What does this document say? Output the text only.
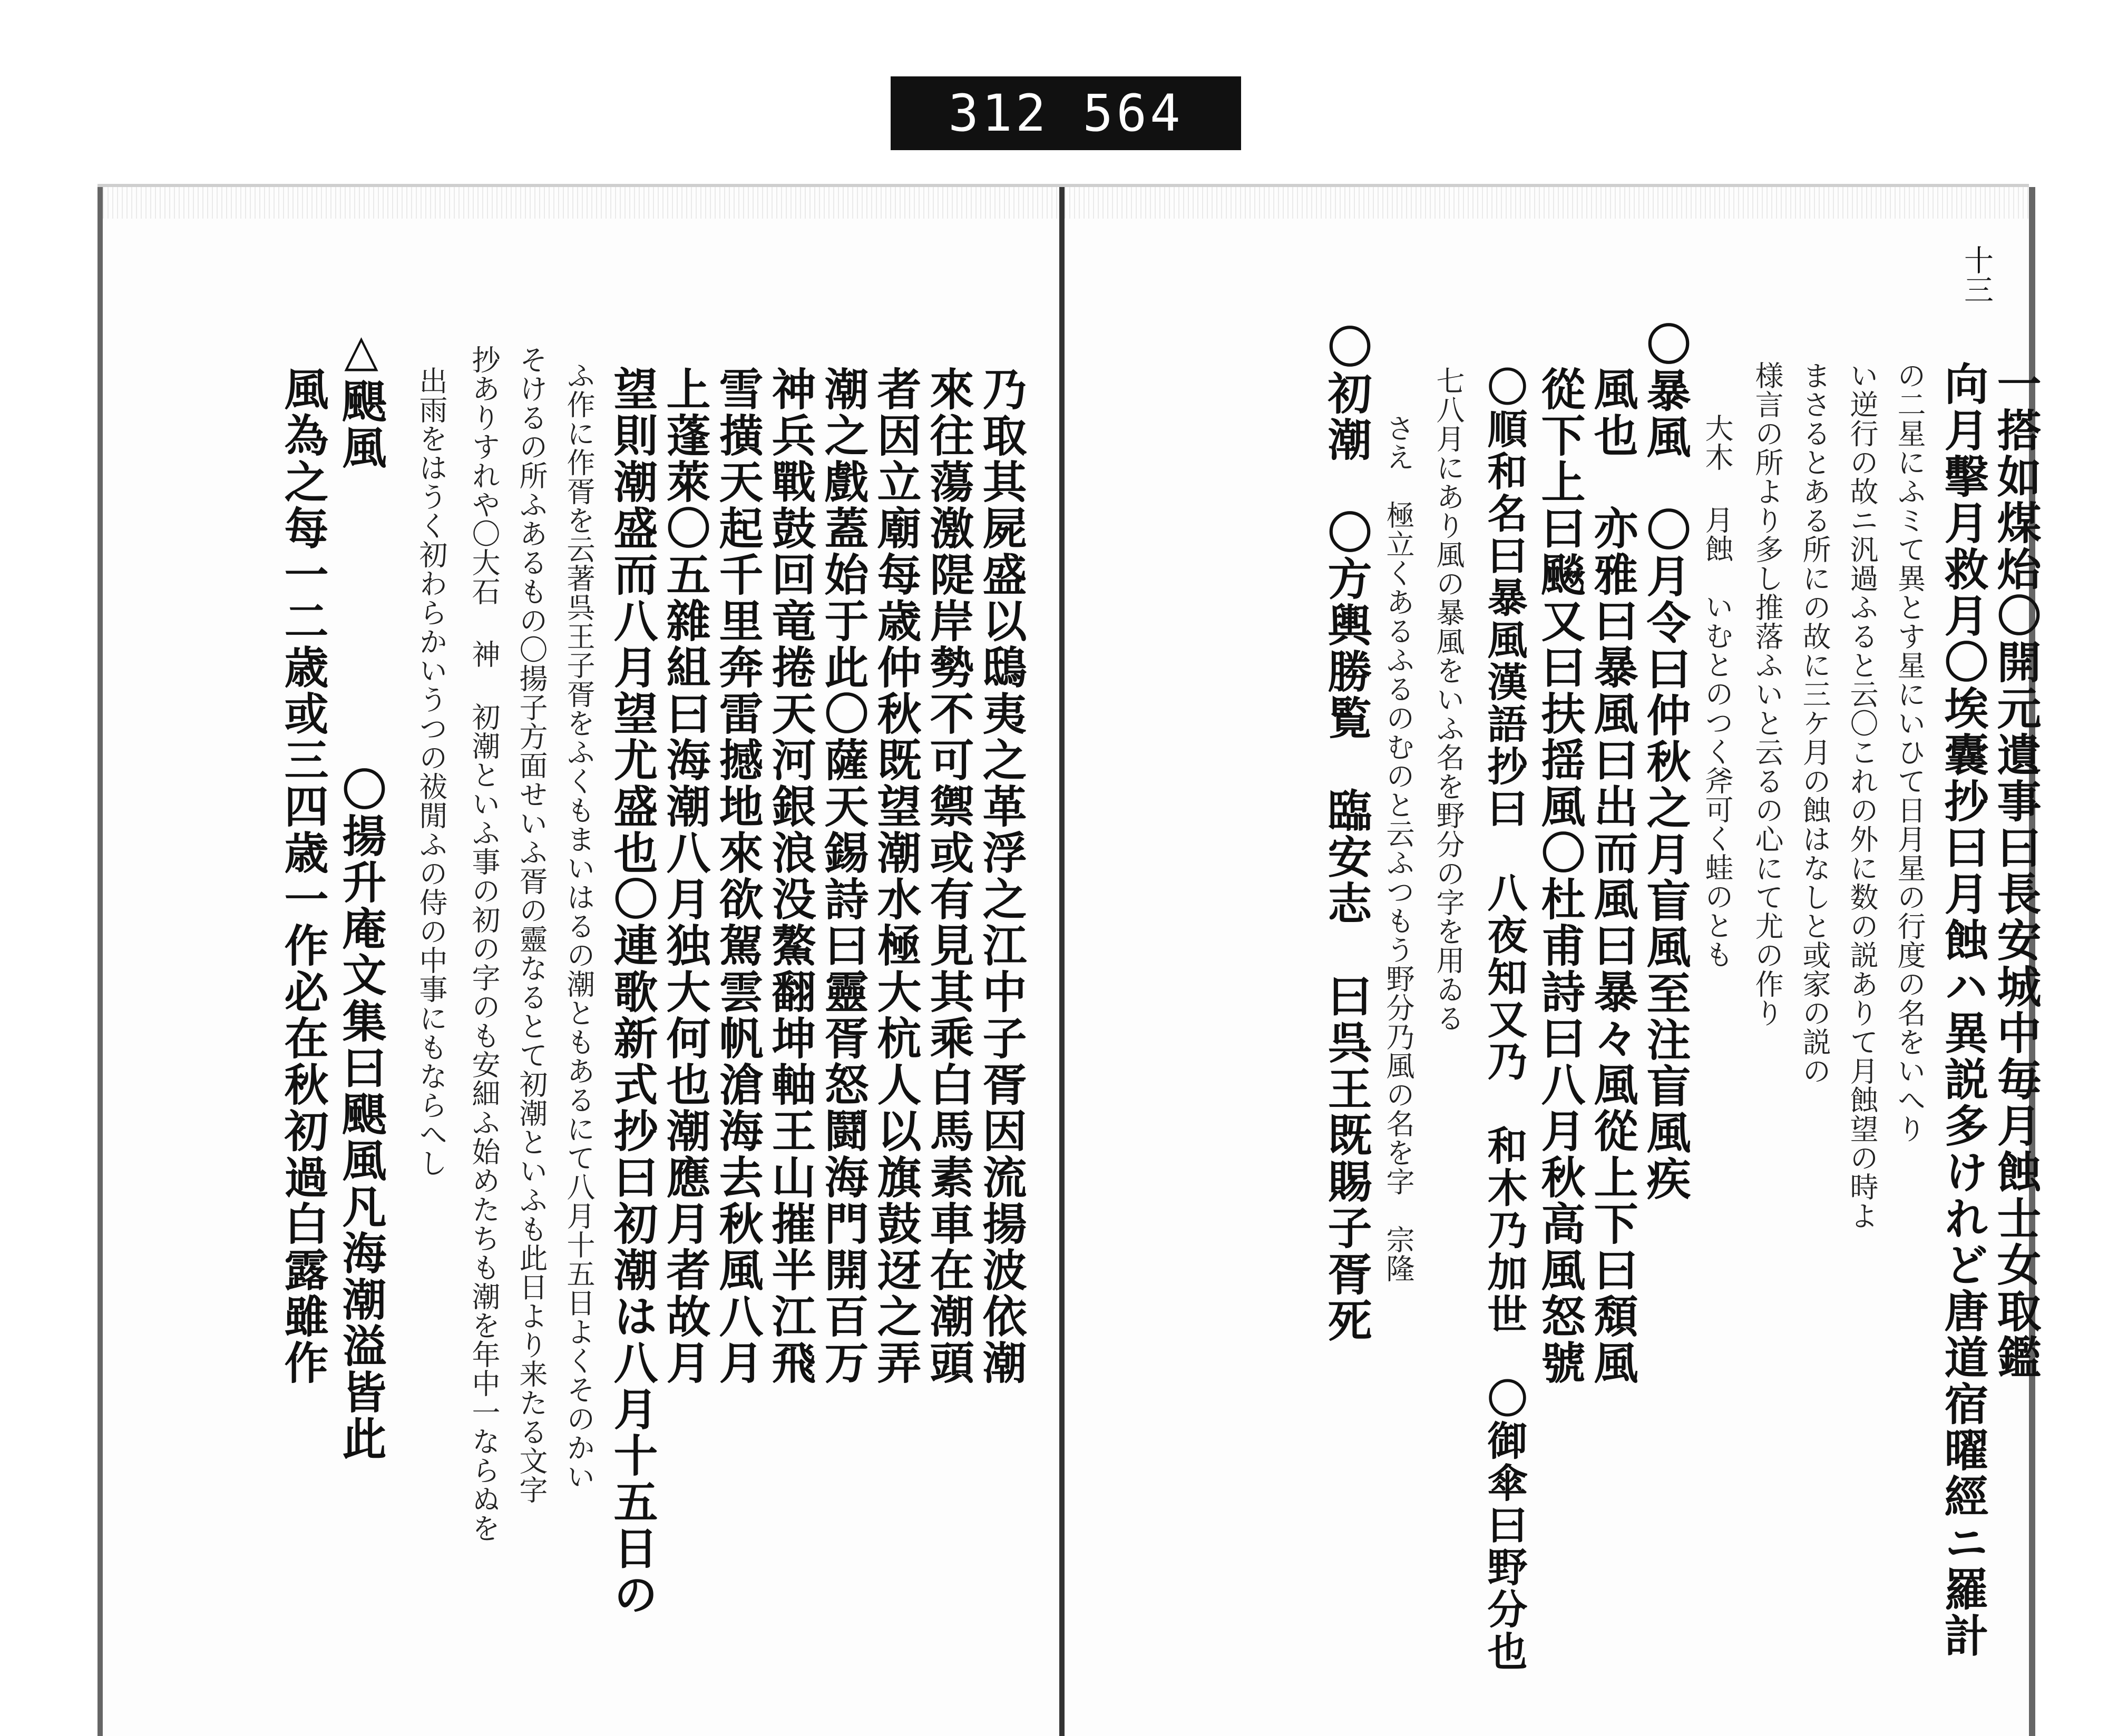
312 564
乃取其屍盛以鴟夷之革浮之江中子胥因流揚波依潮
來往蕩激隄岸勢不可禦或有見其乘白馬素車在潮頭
者因立廟每歳仲秋既望潮水極大杭人以旗鼓迓之弄
潮之戲蓋始于此〇薩天錫詩曰靈胥怒鬪海門開百万
神兵戰鼓回竜捲天河銀浪没鰲翻坤軸王山摧半江飛
雪撗天起千里奔雷撼地來欲駕雲帆滄海去秋風八月
上蓬萊〇五雜組曰海潮八月独大何也潮應月者故月
望則潮盛而八月望尤盛也〇連歌新式抄曰初潮は八月十五日の
ふ作に作胥を云著呉王子胥をふくもまいはるの潮ともあるにて八月十五日よくそのかい
そけるの所ふあるもの〇揚子方面せいふ胥の靈なるとて初潮といふも此日より来たる文字
抄ありすれや〇大石 神 初潮といふ事の初の字のも安細ふ始めたちも潮を年中一ならぬを
出雨をはうく初わらかいうつの祓閒ふの侍の中事にもならへし
△颶風
〇揚升庵文集曰颶風凡海潮溢皆此
風為之每一二歳或三四歳一作必在秋初過白露雖作
十三
一搭如煤炲〇開元遺事曰長安城中毎月蝕士女取鑑
向月擊月救月〇埃囊抄曰月蝕ハ異説多けれど唐道宿曜經ニ羅計
の二星にふミて異とす星にいひて日月星の行度の名をいへり
い逆行の故ニ汎過ふると云〇これの外に数の説ありて月蝕望の時よ
まさるとある所にの故に三ケ月の蝕はなしと或家の説の
様言の所より多し推落ふいと云るの心にて尤の作り
大木 月蝕　いむとのつく斧可く蛙のとも
〇暴風　〇月令曰仲秋之月盲風至注盲風疾
風也　亦雅曰暴風曰出而風曰暴々風從上下曰頽風
從下上曰飈又曰扶揺風〇杜甫詩曰八月秋高風怒號
〇順和名曰暴風漢語抄曰　八夜知又乃　和木乃加世　〇御傘曰野分也
七八月にあり風の暴風をいふ名を野分の字を用ゐる
さえ　極立くあるふるのむのと云ふつもう野分乃風の名を字　宗隆
〇初潮　〇方輿勝覧　臨安志　曰呉王既賜子胥死
